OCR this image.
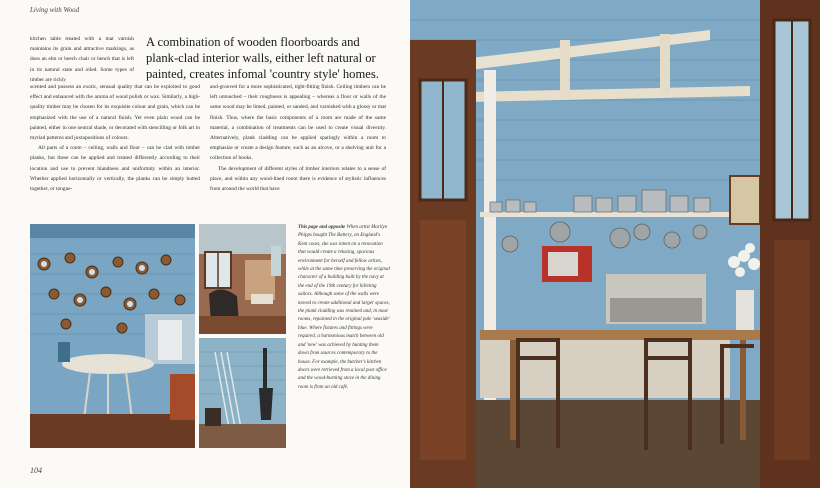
Living with Wood
A combination of wooden floorboards and plank-clad interior walls, either left natural or painted, creates infomal 'country style' homes.

kitchen table treated with a mat varnish maintains its grain and attractive markings, as does an elm or beech chair or bench that is left in its natural state and oiled. Some types of timber are richly

scented and possess an exotic, sensual quality that can be exploited to good effect and enhanced with the aroma of wood polish or wax. Similarly, a high-quality timber may be chosen for its exquisite colour and grain, which can be emphasized with the use of a natural finish. Yet even plain wood can be painted, either in one neutral shade, or decorated with stencilling or folk art in myriad patterns and juxtapositions of colours.

All parts of a room – ceiling, walls and floor – can be clad with timber planks, but these can be applied and treated differently according to their location and use to prevent blandness and uniformity within an interior. Whether applied horizontally or vertically, the planks can be simply butted together, or tongue-

and-grooved for a more sophisticated, tight-fitting finish. Ceiling timbers can be left untouched – their roughness is appealing – whereas a floor or walls of the same wood may be limed, painted, or sanded, and varnished with a glossy or mat finish. Thus, where the basic components of a room are made of the same material, a combination of treatments can be used to create visual diversity. Alternatively, plank cladding can be applied sparingly within a room to emphasize or create a design feature, such as an alcove, or a shelving unit for a collection of books.

The development of different styles of timber interiors relates to a sense of place, and within any wood-lined room there is evidence of stylistic influences from around the world that have

This page and opposite When artist Marilyn Phipps bought The Battery, on England's Kent coast, she was intent on a renovation that would create a relaxing, spacious environment for herself and fellow artists, while at the same time preserving the original character of a building built by the navy at the end of the 19th century for billeting sailors. Although some of the walls were moved to create additional and larger spaces, the plank cladding was retained and, in most rooms, repainted in the original pale 'seaside' blue. Where fixtures and fittings were required, a harmonious match between old and 'new' was achieved by hunting them down from sources contemporary to the house. For example, the butcher's kitchen doors were retrieved from a local post office and the wood-burning stove in the dining room is from an old café.
104
